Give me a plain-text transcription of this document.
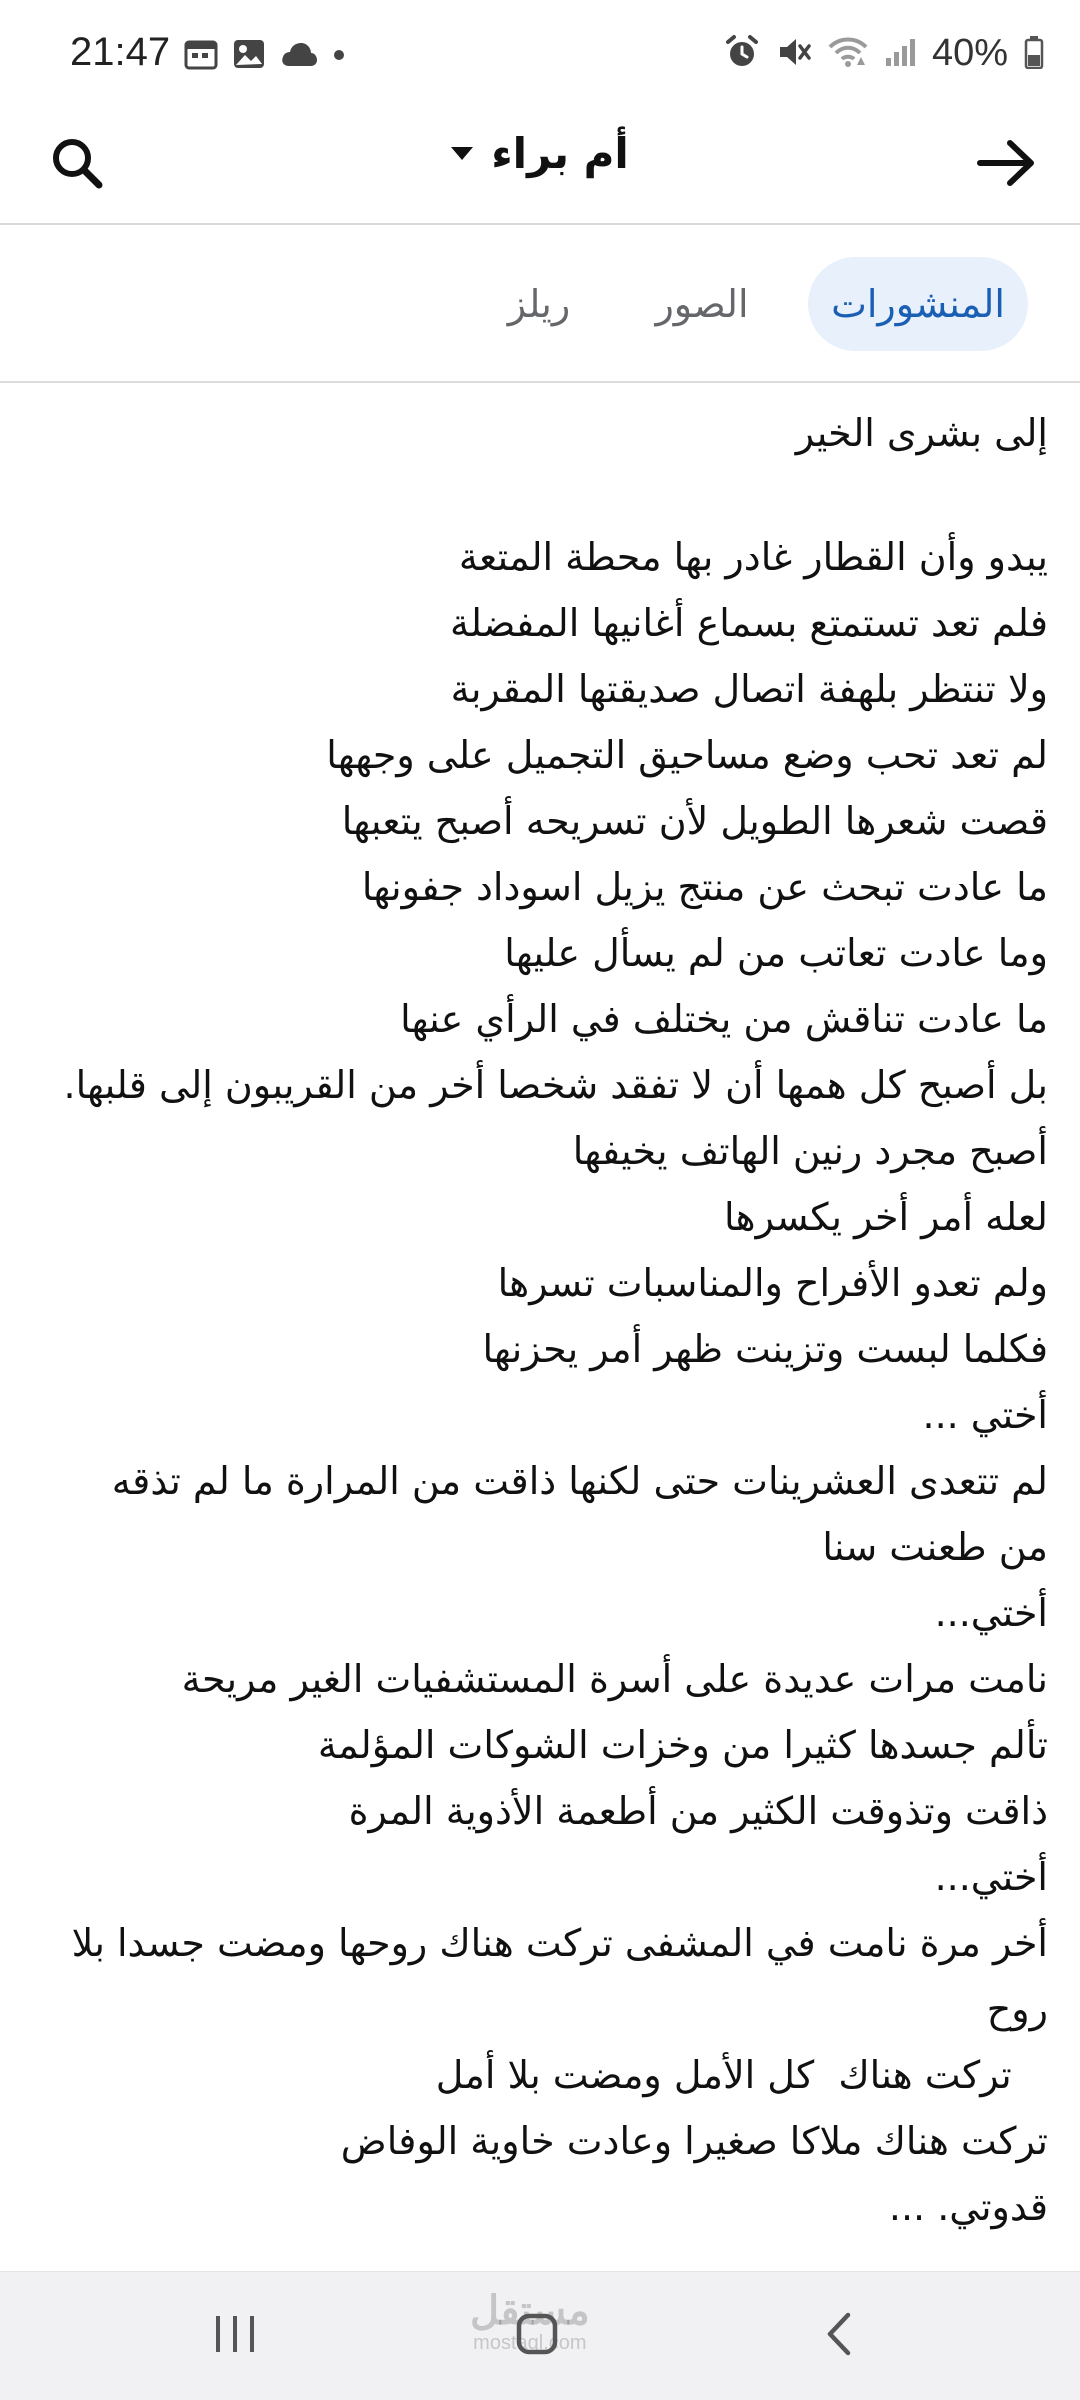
21:47	40%
أم براء
المنشورات
الصور
ريلز
إلى بشرى الخير
يبدو وأن القطار غادر بها محطة المتعة
فلم تعد تستمتع بسماع أغانيها المفضلة
ولا تنتظر بلهفة اتصال صديقتها المقربة
لم تعد تحب وضع مساحيق التجميل على وجهها
قصت شعرها الطويل لأن تسريحه أصبح يتعبها
ما عادت تبحث عن منتج يزيل اسوداد جفونها
وما عادت تعاتب من لم يسأل عليها
ما عادت تناقش من يختلف في الرأي عنها
بل أصبح كل همها أن لا تفقد شخصا أخر من القريبون إلى قلبها.
أصبح مجرد رنين الهاتف يخيفها
لعله أمر أخر يكسرها
ولم تعدو الأفراح والمناسبات تسرها
فكلما لبست وتزينت ظهر أمر يحزنها
أختي ...
لم تتعدى العشرينات حتى لكنها ذاقت من المرارة ما لم تذقه
من طعنت سنا
أختي...
نامت مرات عديدة على أسرة المستشفيات الغير مريحة
تألم جسدها كثيرا من وخزات الشوكات المؤلمة
ذاقت وتذوقت الكثير من أطعمة الأذوية المرة
أختي...
أخر مرة نامت في المشفى تركت هناك روحها ومضت جسدا بلا
روح
تركت هناك  كل الأمل ومضت بلا أمل
تركت هناك ملاكا صغيرا وعادت خاوية الوفاض
قدوتي. ...
مستقل
mostaql.com
